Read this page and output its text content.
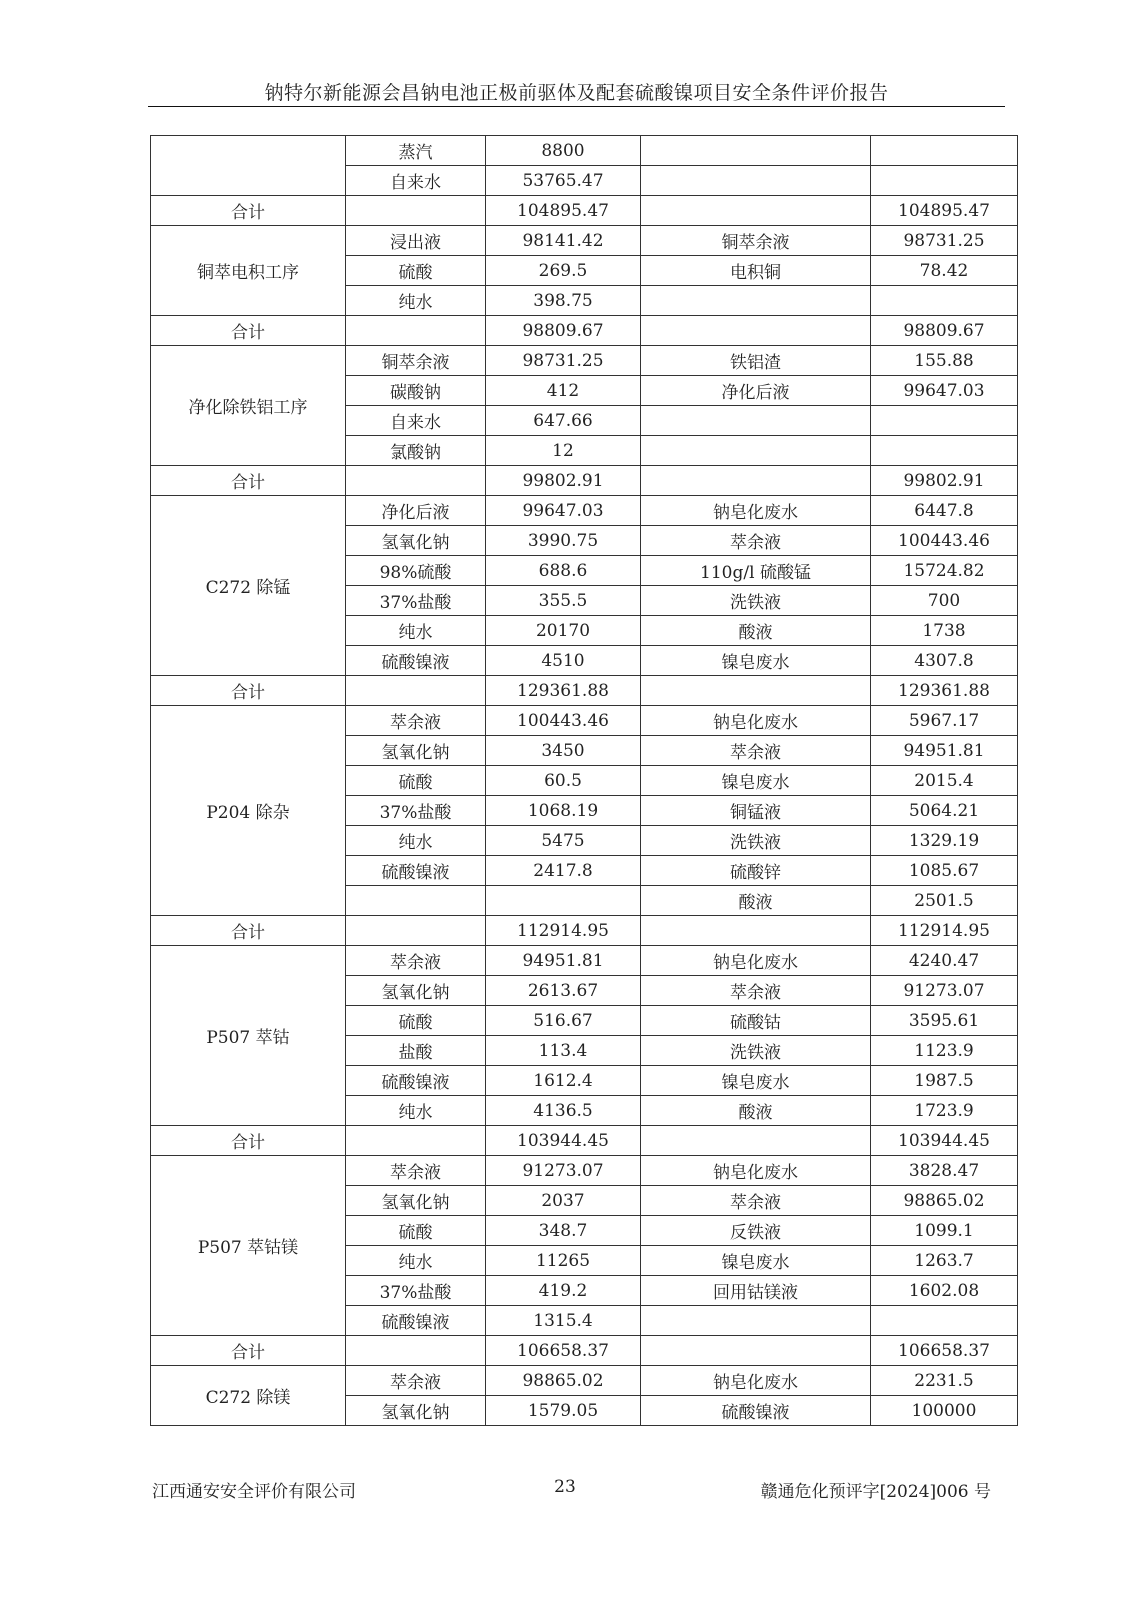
钠特尔新能源会昌钠电池正极前驱体及配套硫酸镍项目安全条件评价报告
	蒸汽	8800		
	自来水	53765.47		
合计		104895.47		104895.47
铜萃电积工序	浸出液	98141.42	铜萃余液	98731.25
	硫酸	269.5	电积铜	78.42
	纯水	398.75		
合计		98809.67		98809.67
净化除铁铝工序	铜萃余液	98731.25	铁铝渣	155.88
	碳酸钠	412	净化后液	99647.03
	自来水	647.66		
	氯酸钠	12		
合计		99802.91		99802.91
C272 除锰	净化后液	99647.03	钠皂化废水	6447.8
	氢氧化钠	3990.75	萃余液	100443.46
	98%硫酸	688.6	110g/l 硫酸锰	15724.82
	37%盐酸	355.5	洗铁液	700
	纯水	20170	酸液	1738
	硫酸镍液	4510	镍皂废水	4307.8
合计		129361.88		129361.88
P204 除杂	萃余液	100443.46	钠皂化废水	5967.17
	氢氧化钠	3450	萃余液	94951.81
	硫酸	60.5	镍皂废水	2015.4
	37%盐酸	1068.19	铜锰液	5064.21
	纯水	5475	洗铁液	1329.19
	硫酸镍液	2417.8	硫酸锌	1085.67
			酸液	2501.5
合计		112914.95		112914.95
P507 萃钴	萃余液	94951.81	钠皂化废水	4240.47
	氢氧化钠	2613.67	萃余液	91273.07
	硫酸	516.67	硫酸钴	3595.61
	盐酸	113.4	洗铁液	1123.9
	硫酸镍液	1612.4	镍皂废水	1987.5
	纯水	4136.5	酸液	1723.9
合计		103944.45		103944.45
P507 萃钴镁	萃余液	91273.07	钠皂化废水	3828.47
	氢氧化钠	2037	萃余液	98865.02
	硫酸	348.7	反铁液	1099.1
	纯水	11265	镍皂废水	1263.7
	37%盐酸	419.2	回用钴镁液	1602.08
	硫酸镍液	1315.4		
合计		106658.37		106658.37
C272 除镁	萃余液	98865.02	钠皂化废水	2231.5
	氢氧化钠	1579.05	硫酸镍液	100000
江西通安安全评价有限公司	23	赣通危化预评字[2024]006 号
